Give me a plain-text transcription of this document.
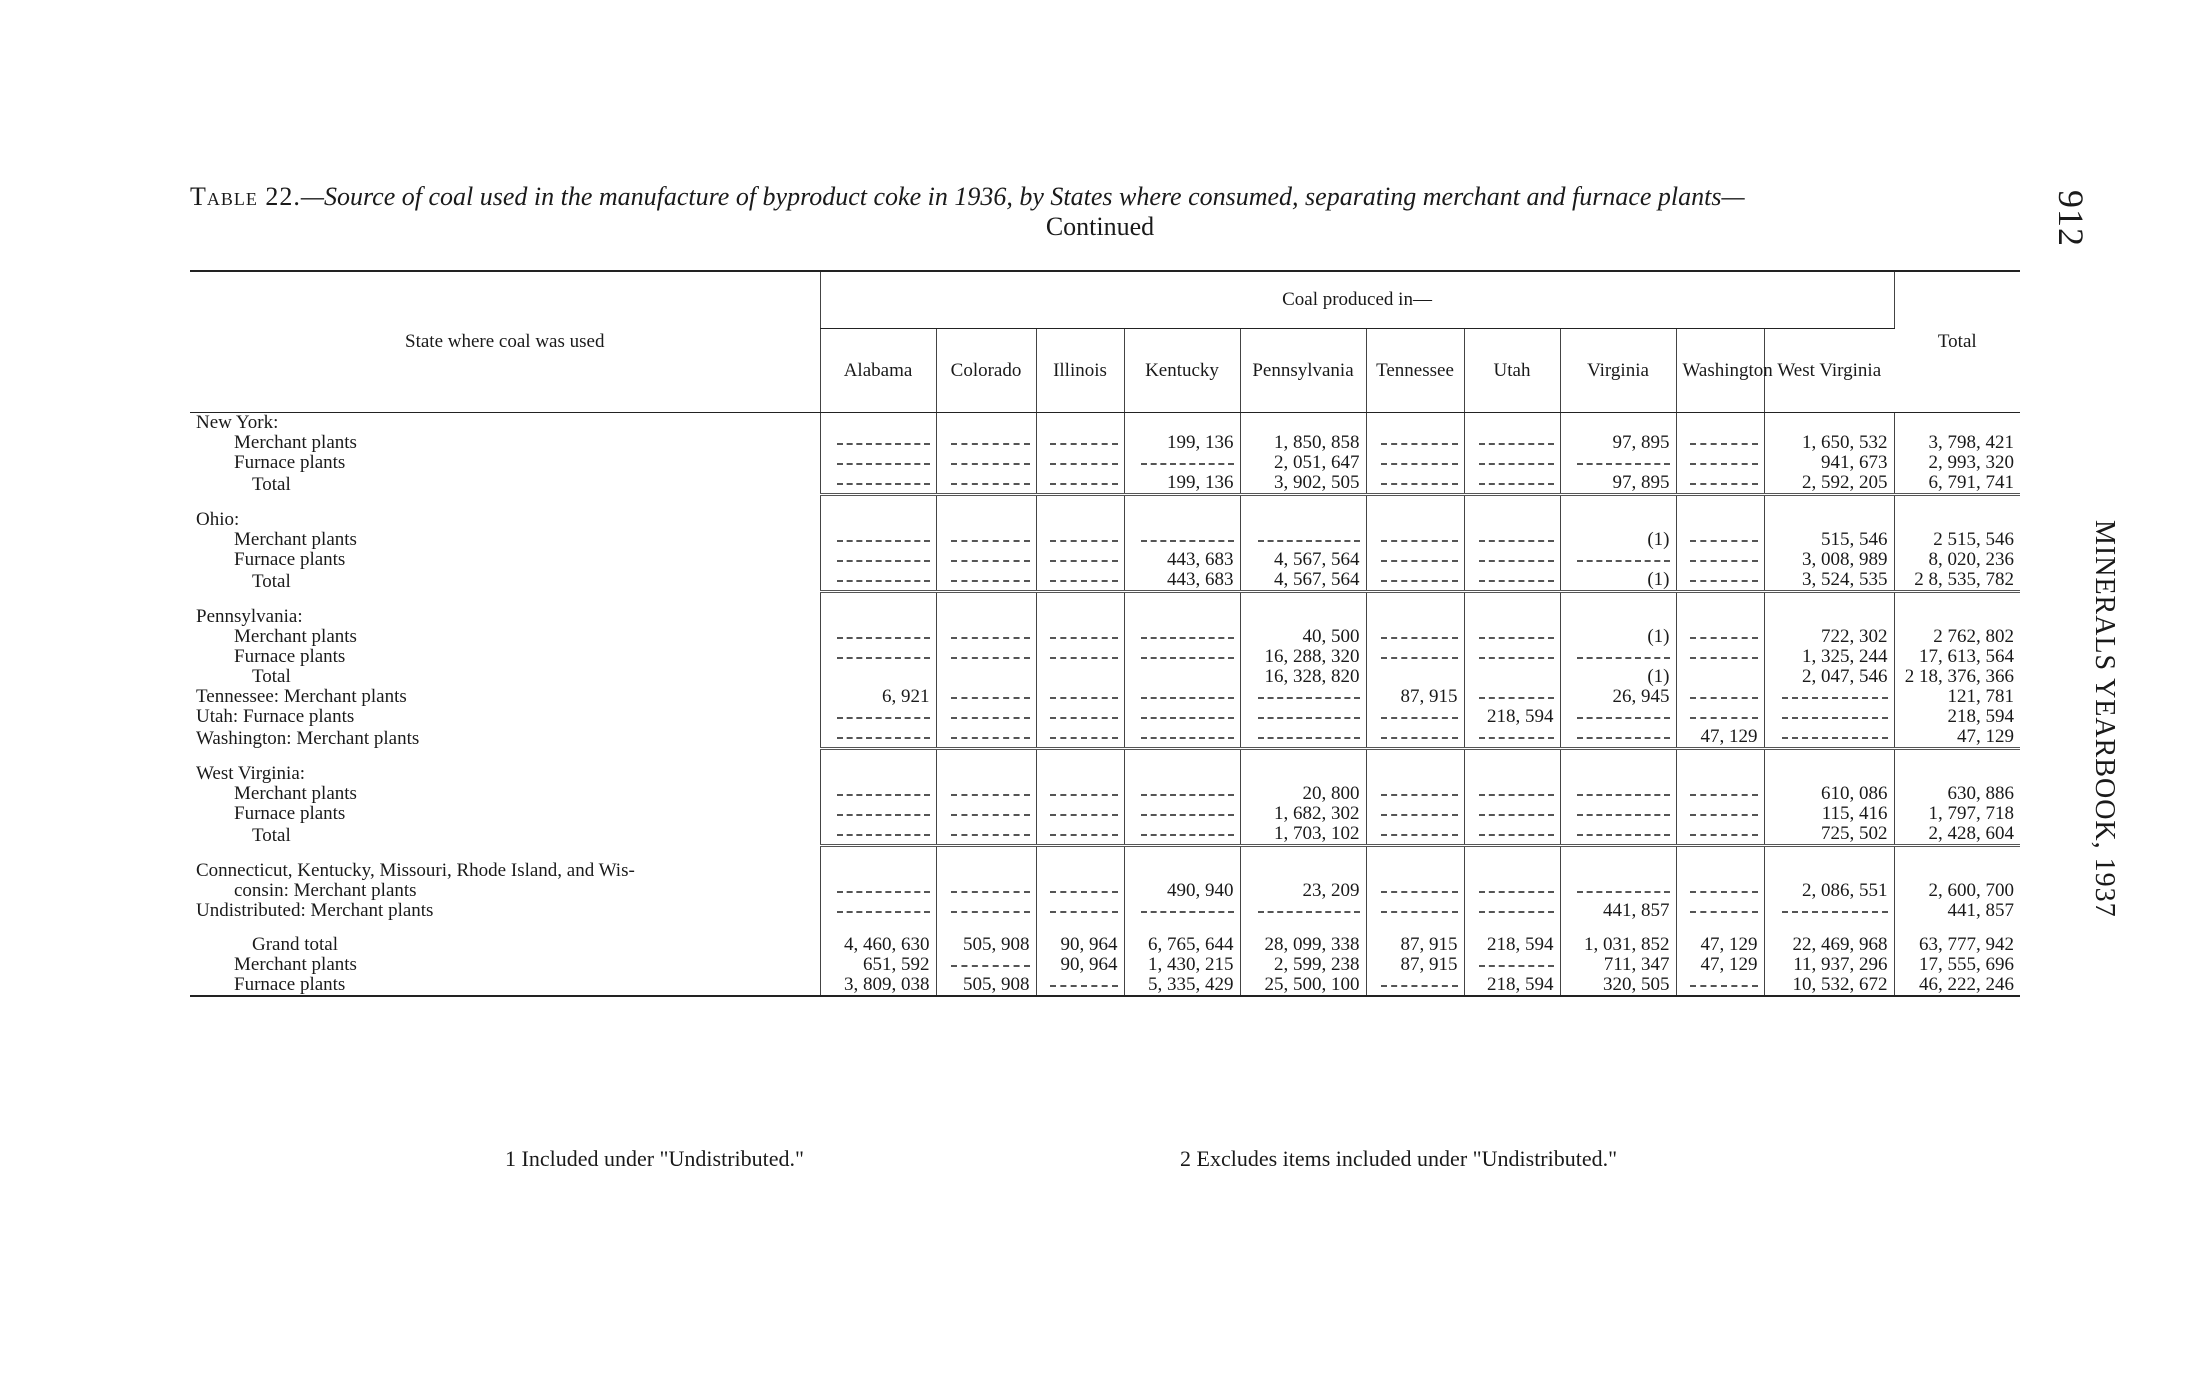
Table 22.—Source of coal used in the manufacture of byproduct coke in 1936, by States where consumed, separating merchant and furnace plants—
Continued	912
MINERALS YEARBOOK, 1937
State where coal was used	Coal produced in—										Total
	Alabama	Colorado	Illinois	Kentucky	Pennsylvania	Tennessee	Utah	Virginia	Washington	West Virginia	
New York:											
Merchant plants				199, 136	1, 850, 858			97, 895		1, 650, 532	3, 798, 421
Furnace plants					2, 051, 647					941, 673	2, 993, 320
Total				199, 136	3, 902, 505			97, 895		2, 592, 205	6, 791, 741

Ohio:											
Merchant plants								(1)		515, 546	2 515, 546
Furnace plants				443, 683	4, 567, 564					3, 008, 989	8, 020, 236
Total				443, 683	4, 567, 564			(1)		3, 524, 535	2 8, 535, 782

Pennsylvania:											
Merchant plants					40, 500			(1)		722, 302	2 762, 802
Furnace plants					16, 288, 320					1, 325, 244	17, 613, 564
Total					16, 328, 820			(1)		2, 047, 546	2 18, 376, 366
Tennessee: Merchant plants	6, 921					87, 915		26, 945			121, 781
Utah: Furnace plants							218, 594				218, 594
Washington: Merchant plants									47, 129		47, 129

West Virginia:											
Merchant plants					20, 800					610, 086	630, 886
Furnace plants					1, 682, 302					115, 416	1, 797, 718
Total					1, 703, 102					725, 502	2, 428, 604

Connecticut, Kentucky, Missouri, Rhode Island, and Wis-											
consin: Merchant plants				490, 940	23, 209					2, 086, 551	2, 600, 700
Undistributed: Merchant plants								441, 857			441, 857

Grand total	4, 460, 630	505, 908	90, 964	6, 765, 644	28, 099, 338	87, 915	218, 594	1, 031, 852	47, 129	22, 469, 968	63, 777, 942
Merchant plants	651, 592		90, 964	1, 430, 215	2, 599, 238	87, 915		711, 347	47, 129	11, 937, 296	17, 555, 696
Furnace plants	3, 809, 038	505, 908		5, 335, 429	25, 500, 100		218, 594	320, 505		10, 532, 672	46, 222, 246
1 Included under "Undistributed."	2 Excludes items included under "Undistributed."
